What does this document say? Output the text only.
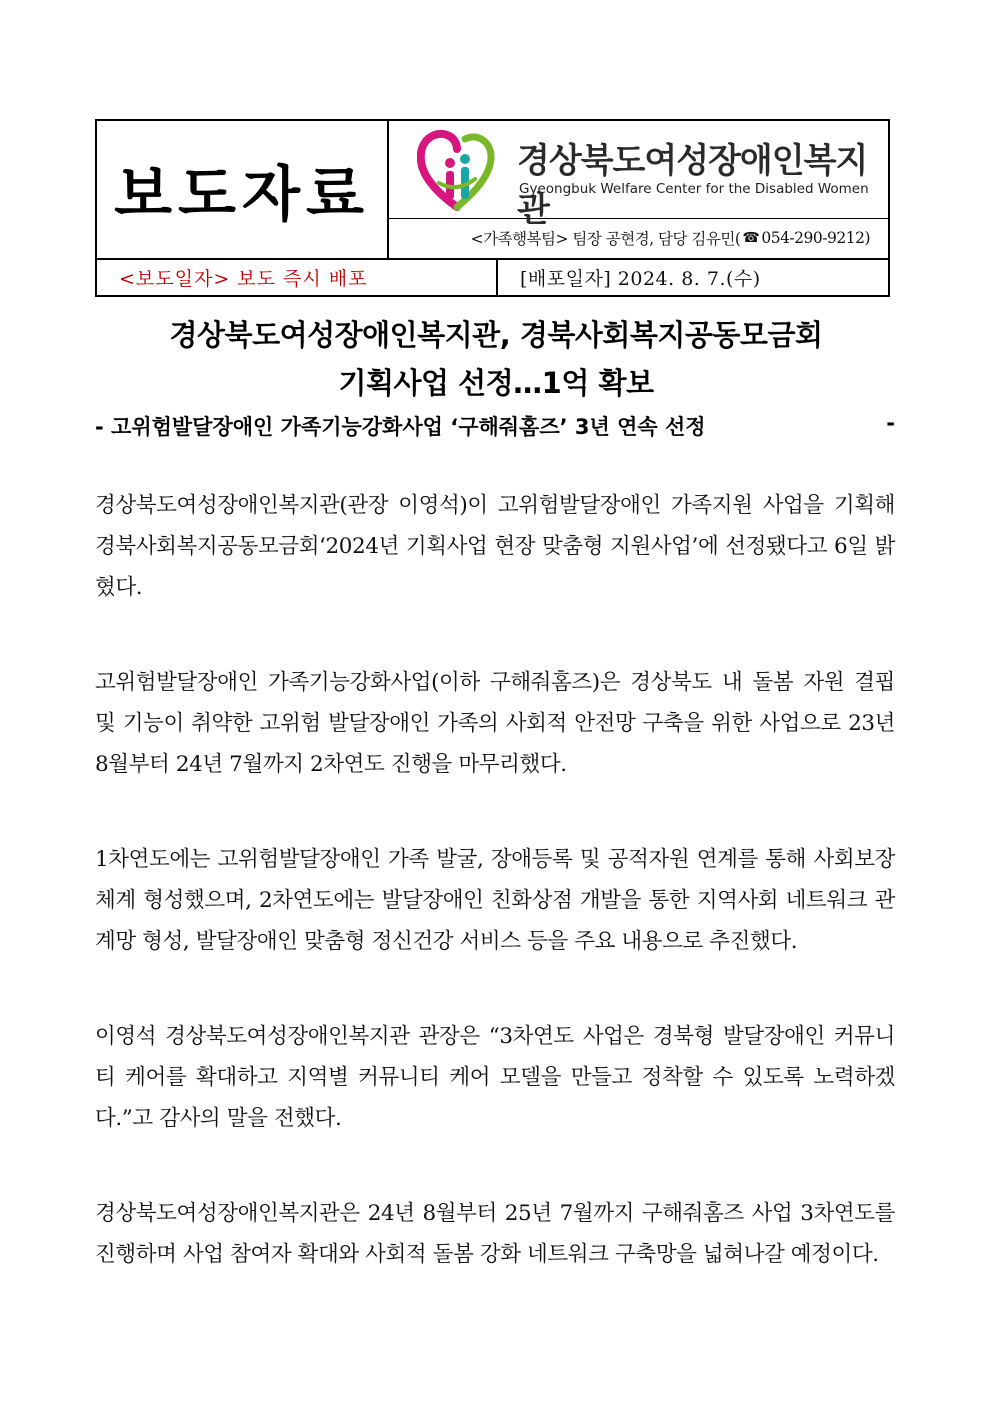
보도자료	경상북도여성장애인복지관
Gyeongbuk Welfare Center for the Disabled Women
<가족행복팀> 팀장 공현경, 담당 김유민( ☎ 054-290-9212)
<보도일자> 보도 즉시 배포	[배포일자] 2024. 8. 7.(수)
경상북도여성장애인복지관, 경북사회복지공동모금회
기획사업 선정…1억 확보
- 고위험발달장애인 가족기능강화사업 ‘구해줘홈즈’ 3년 연속 선정	-

경상북도여성장애인복지관(관장 이영석)이 고위험발달장애인 가족지원 사업을 기획해 경북사회복지공동모금회‘2024년 기획사업 현장 맞춤형 지원사업’에 선정됐다고 6일 밝혔다.

고위험발달장애인 가족기능강화사업(이하 구해줘홈즈)은 경상북도 내 돌봄 자원 결핍 및 기능이 취약한 고위험 발달장애인 가족의 사회적 안전망 구축을 위한 사업으로 23년 8월부터 24년 7월까지 2차연도 진행을 마무리했다.

1차연도에는 고위험발달장애인 가족 발굴, 장애등록 및 공적자원 연계를 통해 사회보장체계 형성했으며, 2차연도에는 발달장애인 친화상점 개발을 통한 지역사회 네트워크 관계망 형성, 발달장애인 맞춤형 정신건강 서비스 등을 주요 내용으로 추진했다.

이영석 경상북도여성장애인복지관 관장은 “3차연도 사업은 경북형 발달장애인 커뮤니티 케어를 확대하고 지역별 커뮤니티 케어 모델을 만들고 정착할 수 있도록 노력하겠다.”고 감사의 말을 전했다.

경상북도여성장애인복지관은 24년 8월부터 25년 7월까지 구해줘홈즈 사업 3차연도를 진행하며 사업 참여자 확대와 사회적 돌봄 강화 네트워크 구축망을 넓혀나갈 예정이다.
